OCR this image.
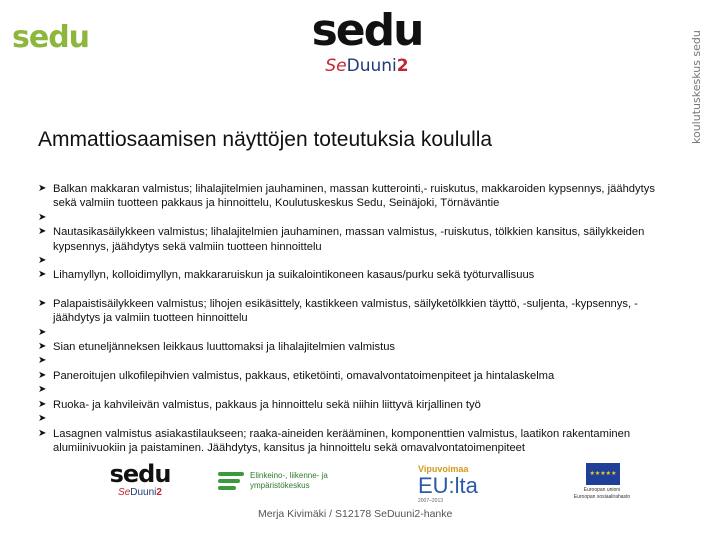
sedu	sedu
SeDuuni2	koulutuskeskus sedu
Ammattiosaamisen näyttöjen toteutuksia koululla
➤ Balkan makkaran valmistus; lihalajitelmien jauhaminen, massan kutterointi,- ruiskutus, makkaroiden kypsennys, jäähdytys sekä valmiin tuotteen pakkaus ja hinnoittelu, Koulutuskeskus Sedu, Seinäjoki, Törnäväntie
➤
➤ Nautasikasäilykkeen valmistus; lihalajitelmien jauhaminen, massan valmistus, -ruiskutus, tölkkien kansitus, säilykkeiden kypsennys, jäähdytys sekä valmiin tuotteen hinnoittelu
➤
➤ Lihamyllyn, kolloidimyllyn, makkararuiskun ja suikalointikoneen kasaus/purku sekä työturvallisuus
➤ Palapaistisäilykkeen valmistus; lihojen esikäsittely, kastikkeen valmistus, säilyketölkkien täyttö, -suljenta, -kypsennys, -jäähdytys ja valmiin tuotteen hinnoittelu
➤
➤ Sian etuneljänneksen leikkaus luuttomaksi ja lihalajitelmien valmistus
➤
➤ Paneroitujen ulkofilepihvien valmistus, pakkaus, etiketöinti, omavalvontatoimenpiteet ja hintalaskelma
➤
➤ Ruoka- ja kahvileivän valmistus, pakkaus ja hinnoittelu sekä niihin liittyvä kirjallinen työ
➤
➤ Lasagnen valmistus asiakastilaukseen; raaka-aineiden kerääminen, komponenttien valmistus, laatikon rakentaminen alumiinivuokiin ja paistaminen. Jäähdytys, kansitus ja hinnoittelu sekä omavalvontatoimenpiteet
sedu
SeDuuni2
Elinkeino-, liikenne- ja
ympäristökeskus
Vipuvoimaa
EU:lta
2007–2013
★★★★★
Euroopan unioni
Euroopan sosiaalirahasto
Merja Kivimäki / S12178 SeDuuni2-hanke
